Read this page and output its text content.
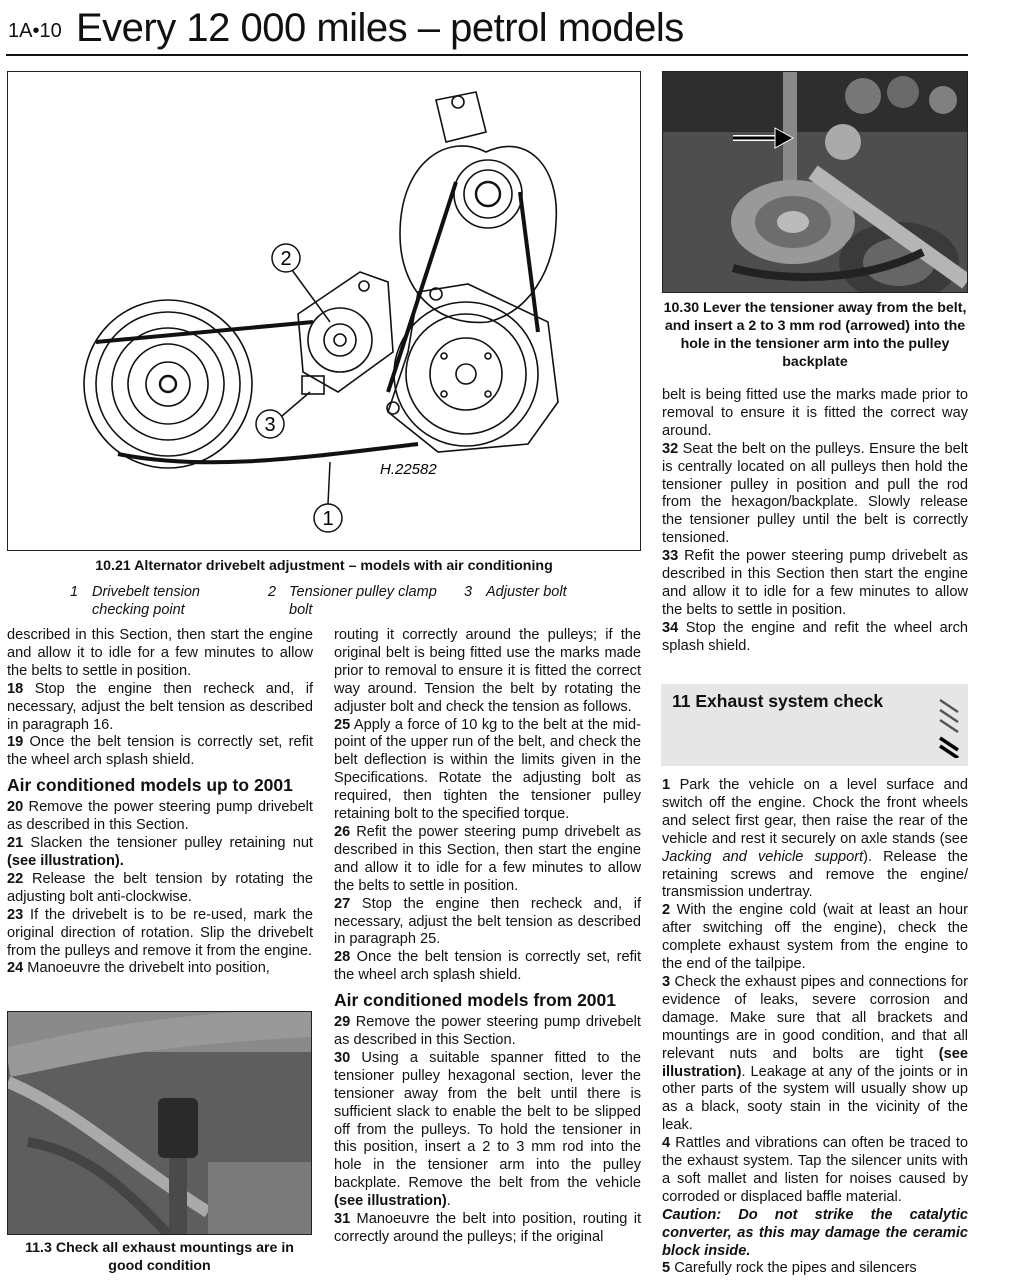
1A•10 Every 12 000 miles – petrol models
2
3
1
H.22582
10.21 Alternator drivebelt adjustment – models with air conditioning
1 Drivebelt tension
checking point
2 Tensioner pulley clamp
bolt
3 Adjuster bolt
10.30 Lever the tensioner away from the belt, and insert a 2 to 3 mm rod (arrowed) into the hole in the tensioner arm into the pulley backplate
11.3 Check all exhaust mountings are in good condition

described in this Section, then start the engine and allow it to idle for a few minutes to allow the belts to settle in position.

18 Stop the engine then recheck and, if necessary, adjust the belt tension as described in paragraph 16.

19 Once the belt tension is correctly set, refit the wheel arch splash shield.

Air conditioned models up to 2001

20 Remove the power steering pump drivebelt as described in this Section.

21 Slacken the tensioner pulley retaining nut (see illustration).

22 Release the belt tension by rotating the adjusting bolt anti-clockwise.

23 If the drivebelt is to be re-used, mark the original direction of rotation. Slip the drivebelt from the pulleys and remove it from the engine.

24 Manoeuvre the drivebelt into position,

routing it correctly around the pulleys; if the original belt is being fitted use the marks made prior to removal to ensure it is fitted the correct way around. Tension the belt by rotating the adjuster bolt and check the tension as follows.

25 Apply a force of 10 kg to the belt at the mid-point of the upper run of the belt, and check the belt deflection is within the limits given in the Specifications. Rotate the adjusting bolt as required, then tighten the tensioner pulley retaining bolt to the specified torque.

26 Refit the power steering pump drivebelt as described in this Section, then start the engine and allow it to idle for a few minutes to allow the belts to settle in position.

27 Stop the engine then recheck and, if necessary, adjust the belt tension as described in paragraph 25.

28 Once the belt tension is correctly set, refit the wheel arch splash shield.

Air conditioned models from 2001

29 Remove the power steering pump drivebelt as described in this Section.

30 Using a suitable spanner fitted to the tensioner pulley hexagonal section, lever the tensioner away from the belt until there is sufficient slack to enable the belt to be slipped off from the pulleys. To hold the tensioner in this position, insert a 2 to 3 mm rod into the hole in the tensioner arm into the pulley backplate. Remove the belt from the vehicle (see illustration).

31 Manoeuvre the belt into position, routing it correctly around the pulleys; if the original

belt is being fitted use the marks made prior to removal to ensure it is fitted the correct way around.

32 Seat the belt on the pulleys. Ensure the belt is centrally located on all pulleys then hold the tensioner pulley in position and pull the rod from the hexagon/backplate. Slowly release the tensioner pulley until the belt is correctly tensioned.

33 Refit the power steering pump drivebelt as described in this Section then start the engine and allow it to idle for a few minutes to allow the belts to settle in position.

34 Stop the engine and refit the wheel arch splash shield.

11 Exhaust system check

1 Park the vehicle on a level surface and switch off the engine. Chock the front wheels and select first gear, then raise the rear of the vehicle and rest it securely on axle stands (see Jacking and vehicle support). Release the retaining screws and remove the engine/ transmission undertray.

2 With the engine cold (wait at least an hour after switching off the engine), check the complete exhaust system from the engine to the end of the tailpipe.

3 Check the exhaust pipes and connections for evidence of leaks, severe corrosion and damage. Make sure that all brackets and mountings are in good condition, and that all relevant nuts and bolts are tight (see illustration). Leakage at any of the joints or in other parts of the system will usually show up as a black, sooty stain in the vicinity of the leak.

4 Rattles and vibrations can often be traced to the exhaust system. Tap the silencer units with a soft mallet and listen for noises caused by corroded or displaced baffle material.

Caution: Do not strike the catalytic converter, as this may damage the ceramic block inside.

5 Carefully rock the pipes and silencers
